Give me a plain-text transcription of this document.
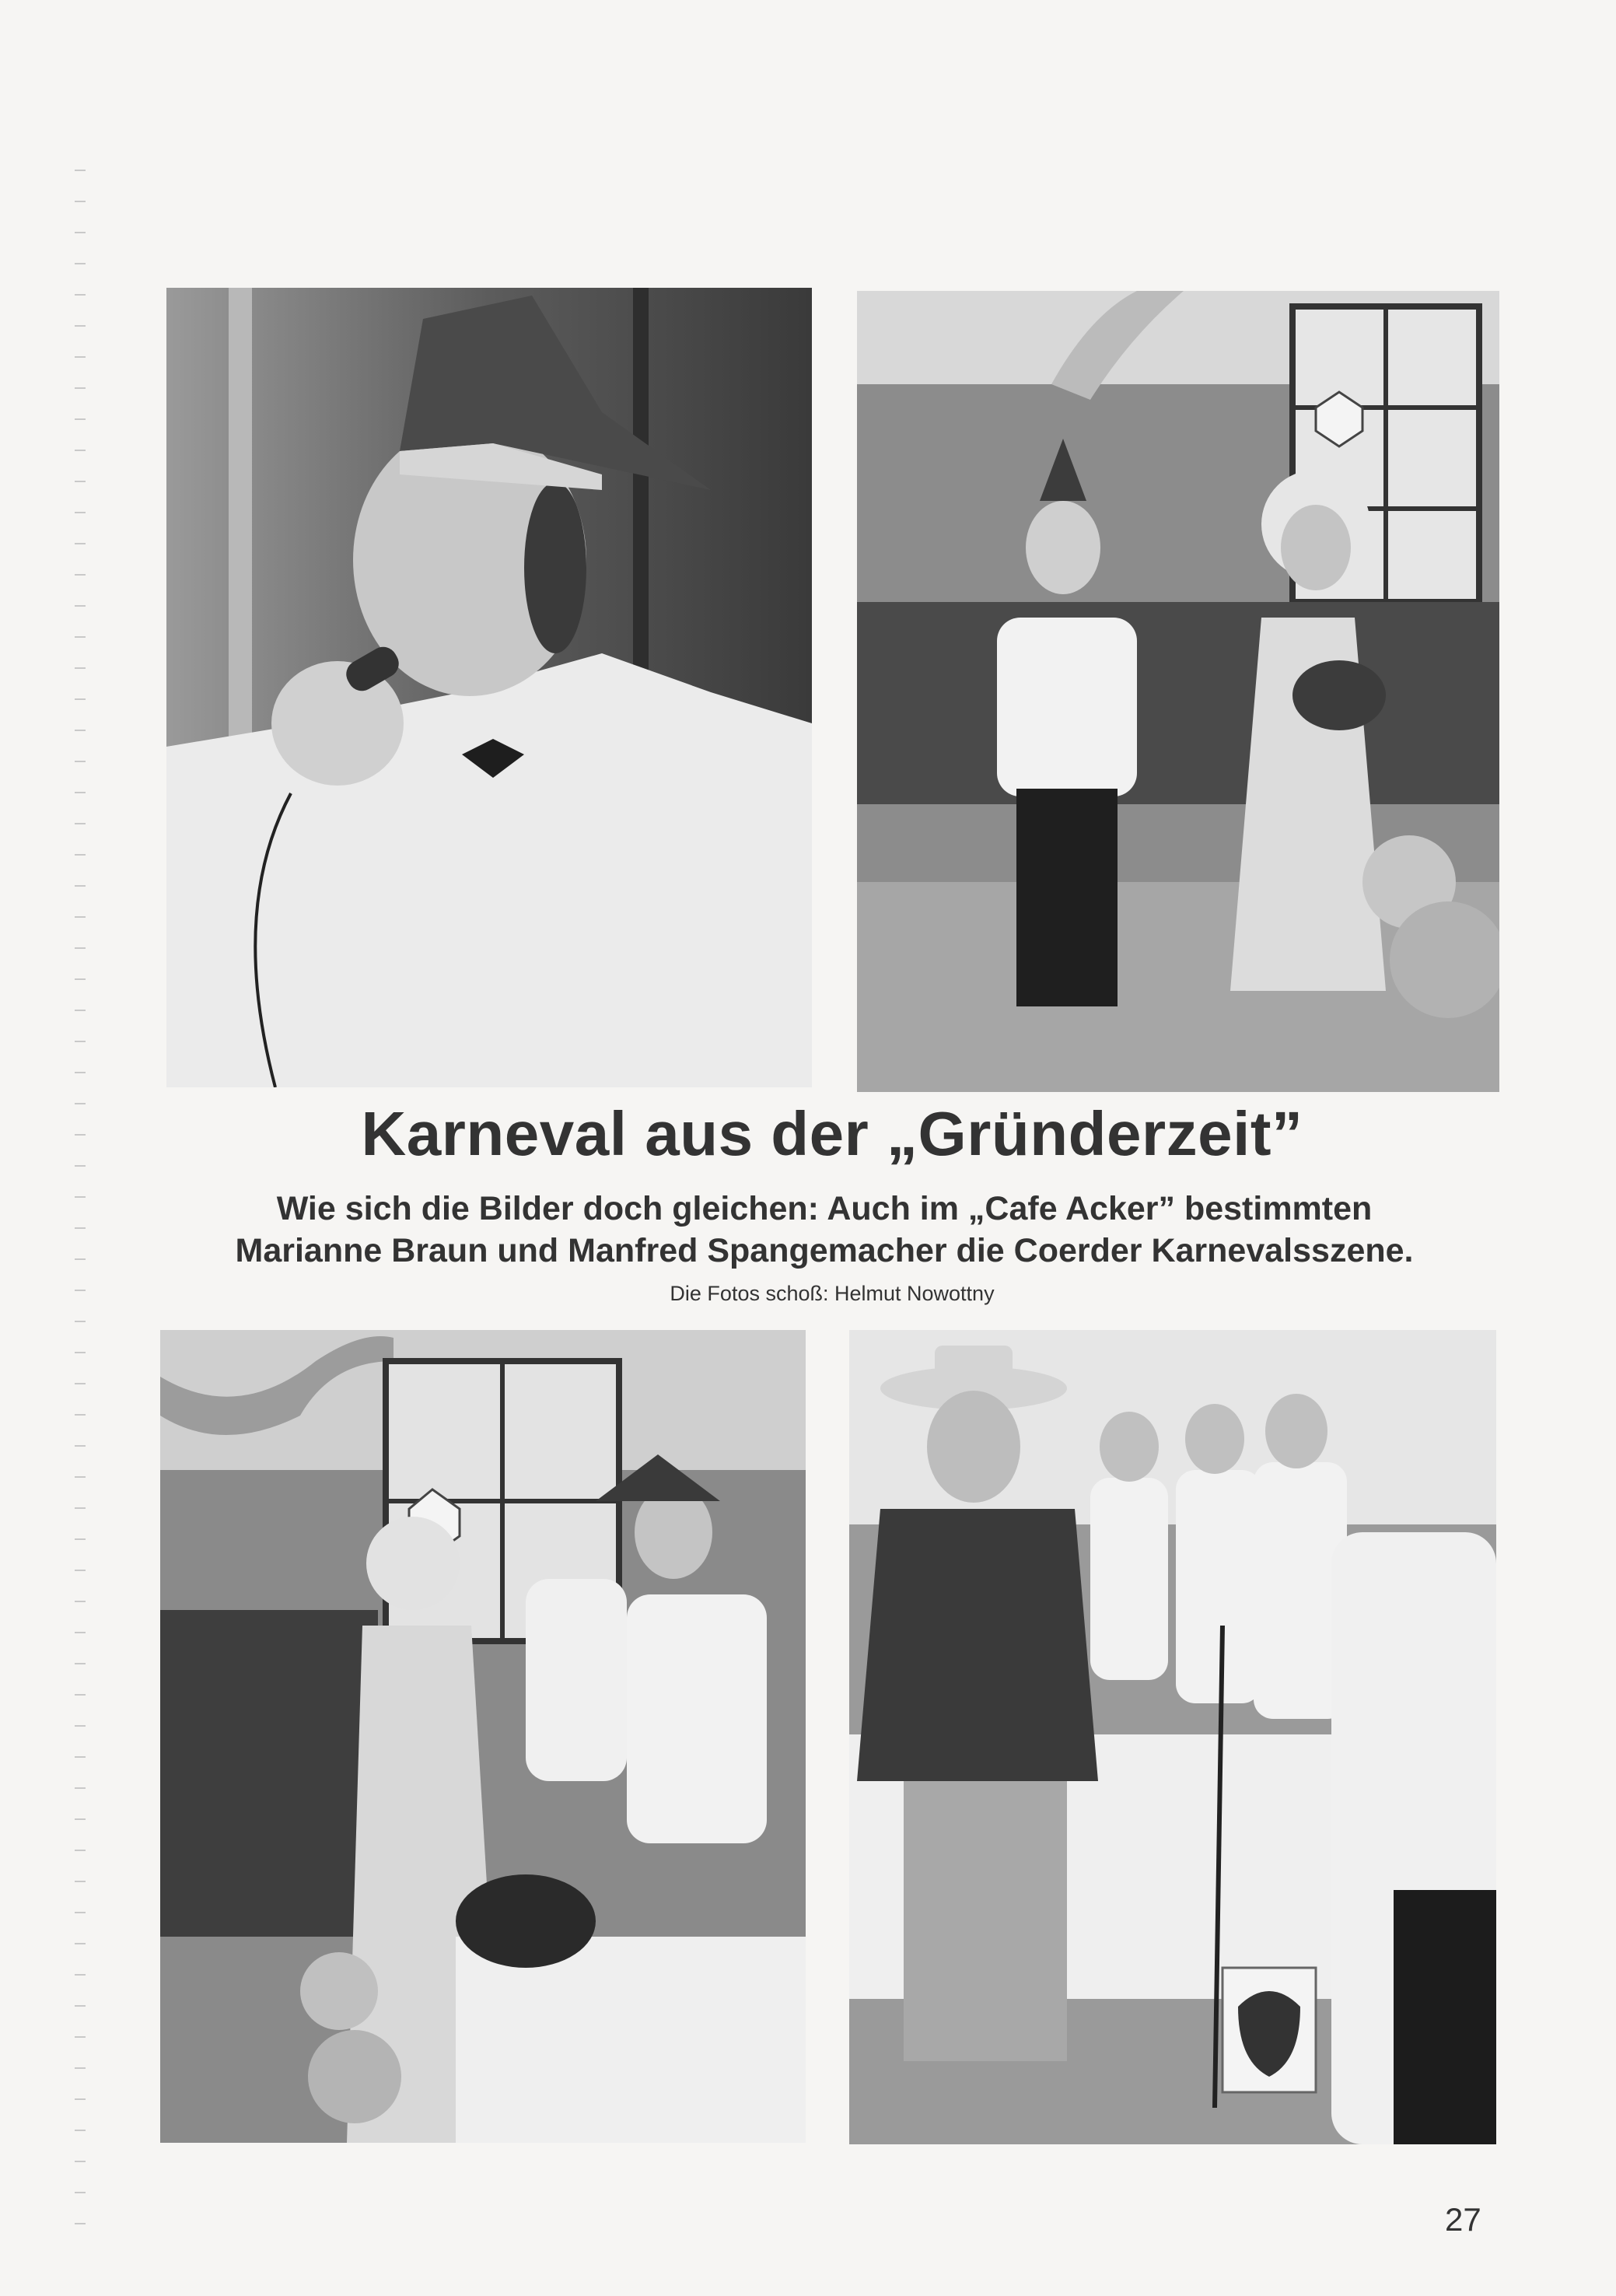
Karneval aus der „Gründerzeit”
Wie sich die Bilder doch gleichen: Auch im „Cafe Acker” bestimmten
Marianne Braun und Manfred Spangemacher die Coerder Karnevalsszene.
Die Fotos schoß: Helmut Nowottny
27
